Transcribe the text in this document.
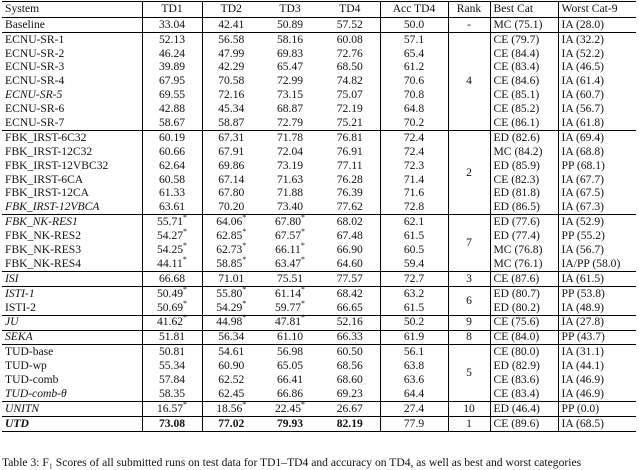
System	TD1	TD2	TD3	TD4	Acc TD4	Rank	Best Cat	Worst Cat-9
Baseline	33.04	42.41	50.89	57.52	50.0	-	MC (75.1)	IA (28.0)
ECNU-SR-1	52.13	56.58	58.16	60.08	57.1	4	CE (79.7)	IA (32.2)
ECNU-SR-2	46.24	47.99	69.83	72.76	65.4		CE (84.4)	IA (52.2)
ECNU-SR-3	39.89	42.29	65.47	68.50	61.2		CE (83.4)	IA (46.5)
ECNU-SR-4	67.95	70.58	72.99	74.82	70.6		CE (84.6)	IA (61.4)
ECNU-SR-5	69.55	72.16	73.15	75.07	70.8		CE (85.1)	IA (60.7)
ECNU-SR-6	42.88	45.34	68.87	72.19	64.8		CE (85.2)	IA (56.7)
ECNU-SR-7	58.67	58.87	72.79	75.21	70.2		CE (86.1)	IA (61.8)
FBK_IRST-6C32	60.19	67.31	71.78	76.81	72.4	2	ED (82.6)	IA (69.4)
FBK_IRST-12C32	60.66	67.91	72.04	76.91	72.4		MC (84.2)	IA (68.8)
FBK_IRST-12VBC32	62.64	69.86	73.19	77.11	72.3		ED (85.9)	PP (68.1)
FBK_IRST-6CA	60.58	67.14	71.63	76.28	71.4		CE (82.3)	IA (67.7)
FBK_IRST-12CA	61.33	67.80	71.88	76.39	71.6		ED (81.8)	IA (67.5)
FBK_IRST-12VBCA	63.61	70.20	73.40	77.62	72.8		ED (86.5)	IA (67.3)
FBK_NK-RES1	55.71*	64.06*	67.80*	68.02	62.1	7	ED (77.6)	IA (52.9)
FBK_NK-RES2	54.27*	62.85*	67.57*	67.48	61.5		ED (77.4)	PP (55.2)
FBK_NK-RES3	54.25*	62.73*	66.11*	66.90	60.5		MC (76.8)	IA (56.7)
FBK_NK-RES4	44.11*	58.85*	63.47*	64.60	59.4		MC (76.1)	IA/PP (58.0)
ISI	66.68	71.01	75.51	77.57	72.7	3	CE (87.6)	IA (61.5)
ISTI-1	50.49*	55.80*	61.14*	68.42	63.2	6	ED (80.7)	PP (53.8)
ISTI-2	50.69*	54.29*	59.77*	66.65	61.5		ED (80.2)	IA (48.9)
JU	41.62*	44.98*	47.81*	52.16	50.2	9	CE (75.6)	IA (27.8)
SEKA	51.81	56.34	61.10	66.33	61.9	8	CE (84.0)	PP (43.7)
TUD-base	50.81	54.61	56.98	60.50	56.1	5	CE (80.0)	IA (31.1)
TUD-wp	55.34	60.90	65.05	68.56	63.8		ED (82.9)	IA (44.1)
TUD-comb	57.84	62.52	66.41	68.60	63.6		CE (83.6)	IA (46.9)
TUD-comb-θ	58.35	62.45	66.86	69.23	64.4		CE (83.4)	IA (46.9)
UNITN	16.57*	18.56*	22.45*	26.67	27.4	10	ED (46.4)	PP (0.0)
UTD	73.08	77.02	79.93	82.19	77.9	1	CE (89.6)	IA (68.5)
Table 3: F₁ Scores of all submitted runs on test data for TD1–TD4 and accuracy on TD4, as well as best and worst categories
